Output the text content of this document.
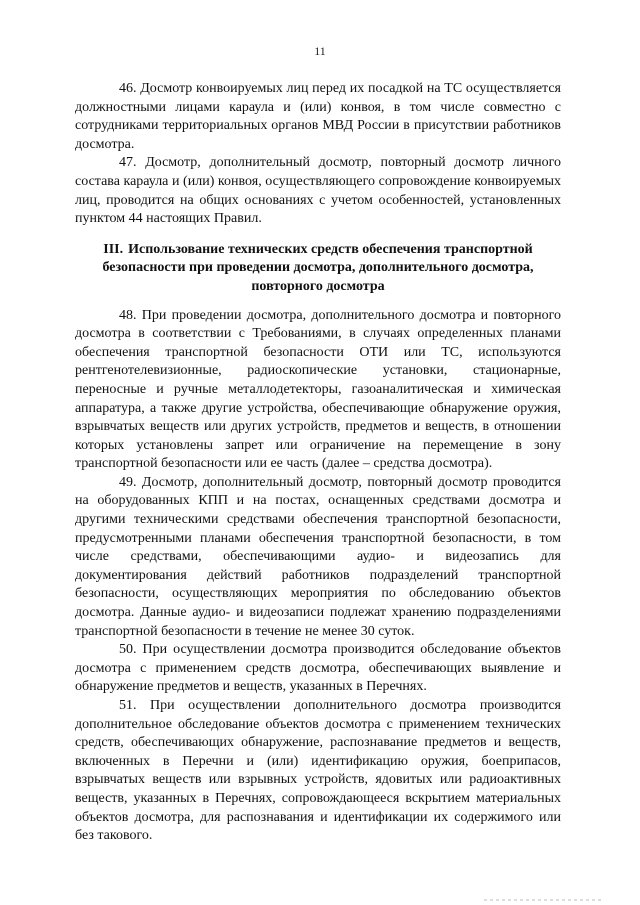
11

46. Досмотр конвоируемых лиц перед их посадкой на ТС осуществляется должностными лицами караула и (или) конвоя, в том числе совместно с сотрудниками территориальных органов МВД России в присутствии работников досмотра.

47. Досмотр, дополнительный досмотр, повторный досмотр личного состава караула и (или) конвоя, осуществляющего сопровождение конвоируемых лиц, проводится на общих основаниях с учетом особенностей, установленных пунктом 44 настоящих Правил.

III. Использование технических средств обеспечения транспортной безопасности при проведении досмотра, дополнительного досмотра, повторного досмотра

48. При проведении досмотра, дополнительного досмотра и повторного досмотра в соответствии с Требованиями, в случаях определенных планами обеспечения транспортной безопасности ОТИ или ТС, используются рентгенотелевизионные, радиоскопические установки, стационарные, переносные и ручные металлодетекторы, газоаналитическая и химическая аппаратура, а также другие устройства, обеспечивающие обнаружение оружия, взрывчатых веществ или других устройств, предметов и веществ, в отношении которых установлены запрет или ограничение на перемещение в зону транспортной безопасности или ее часть (далее – средства досмотра).

49. Досмотр, дополнительный досмотр, повторный досмотр проводится на оборудованных КПП и на постах, оснащенных средствами досмотра и другими техническими средствами обеспечения транспортной безопасности, предусмотренными планами обеспечения транспортной безопасности, в том числе средствами, обеспечивающими аудио- и видеозапись для документирования действий работников подразделений транспортной безопасности, осуществляющих мероприятия по обследованию объектов досмотра. Данные аудио- и видеозаписи подлежат хранению подразделениями транспортной безопасности в течение не менее 30 суток.

50. При осуществлении досмотра производится обследование объектов досмотра с применением средств досмотра, обеспечивающих выявление и обнаружение предметов и веществ, указанных в Перечнях.

51. При осуществлении дополнительного досмотра производится дополнительное обследование объектов досмотра с применением технических средств, обеспечивающих обнаружение, распознавание предметов и веществ, включенных в Перечни и (или) идентификацию оружия, боеприпасов, взрывчатых веществ или взрывных устройств, ядовитых или радиоактивных веществ, указанных в Перечнях, сопровождающееся вскрытием материальных объектов досмотра, для распознавания и идентификации их содержимого или без такового.
